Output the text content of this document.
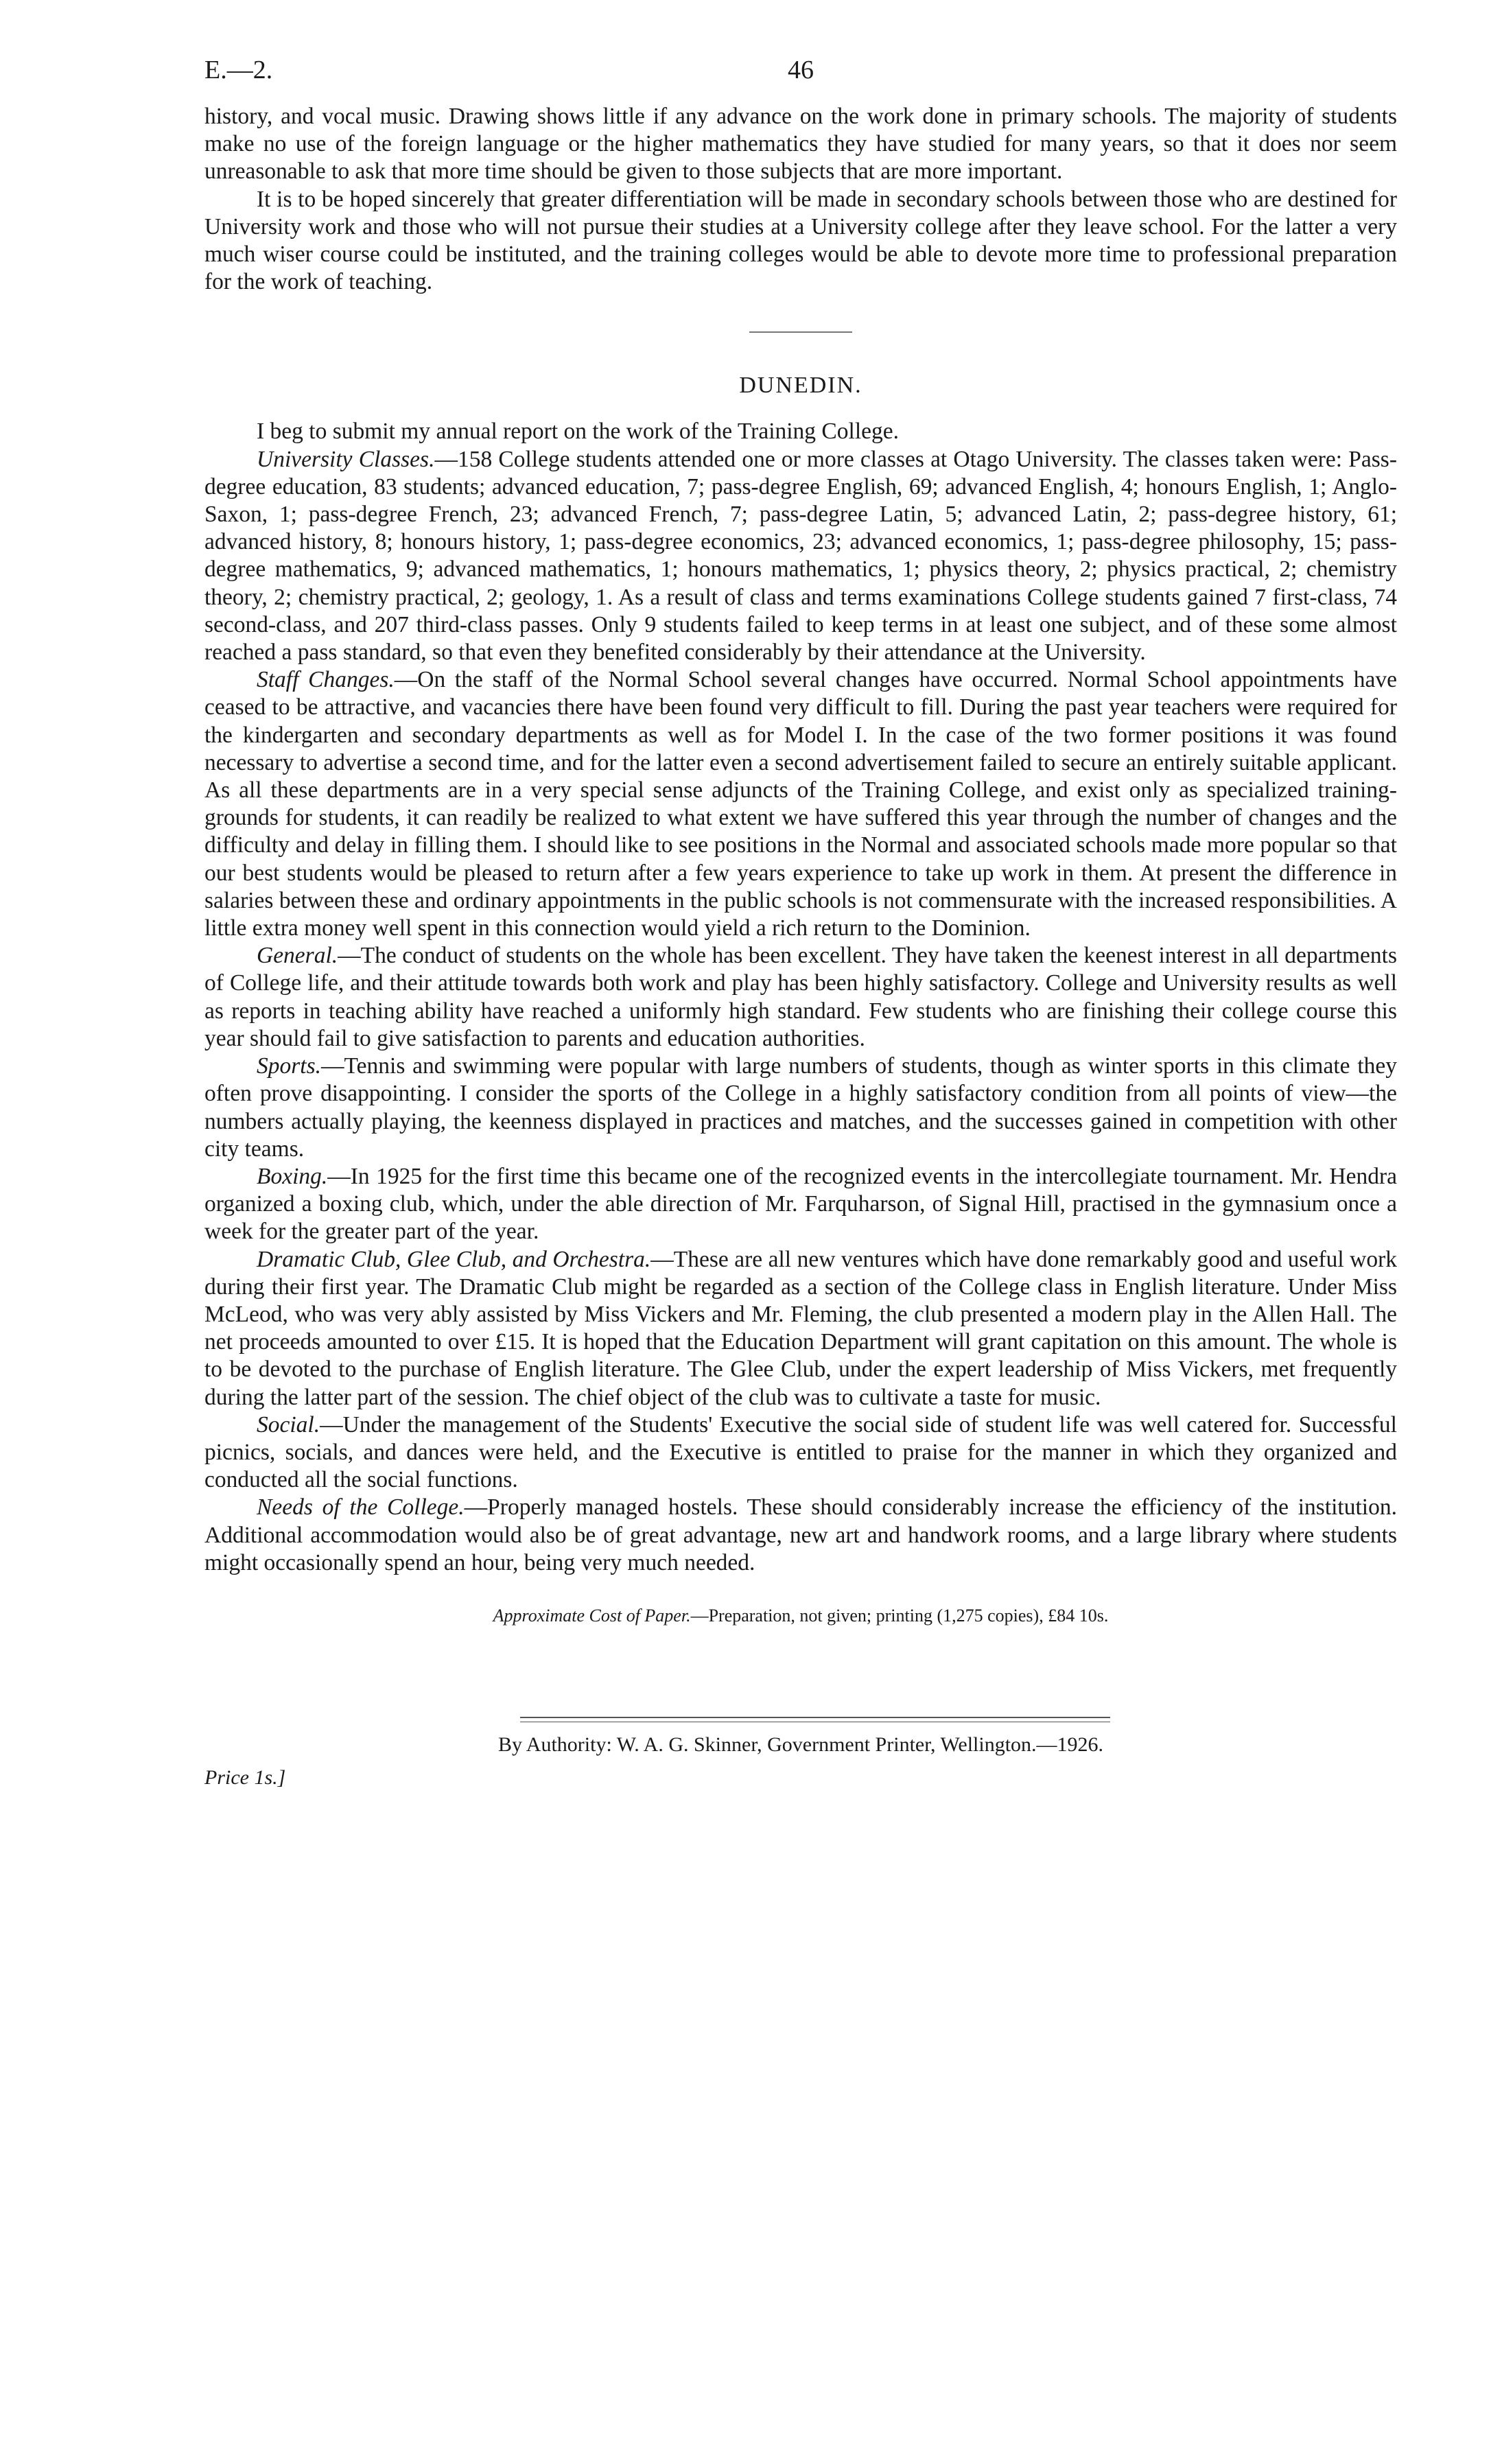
E.—2.	46

history, and vocal music. Drawing shows little if any advance on the work done in primary schools. The majority of students make no use of the foreign language or the higher mathematics they have studied for many years, so that it does nor seem unreasonable to ask that more time should be given to those subjects that are more important.

It is to be hoped sincerely that greater differentiation will be made in secondary schools between those who are destined for University work and those who will not pursue their studies at a University college after they leave school. For the latter a very much wiser course could be instituted, and the training colleges would be able to devote more time to professional preparation for the work of teaching.

DUNEDIN.

I beg to submit my annual report on the work of the Training College.

University Classes.—158 College students attended one or more classes at Otago University. The classes taken were: Pass-degree education, 83 students; advanced education, 7; pass-degree English, 69; advanced English, 4; honours English, 1; Anglo-Saxon, 1; pass-degree French, 23; advanced French, 7; pass-degree Latin, 5; advanced Latin, 2; pass-degree history, 61; advanced history, 8; honours history, 1; pass-degree economics, 23; advanced economics, 1; pass-degree philosophy, 15; pass-degree mathematics, 9; advanced mathematics, 1; honours mathematics, 1; physics theory, 2; physics practical, 2; chemistry theory, 2; chemistry practical, 2; geology, 1. As a result of class and terms examinations College students gained 7 first-class, 74 second-class, and 207 third-class passes. Only 9 students failed to keep terms in at least one subject, and of these some almost reached a pass standard, so that even they benefited considerably by their attendance at the University.

Staff Changes.—On the staff of the Normal School several changes have occurred. Normal School appointments have ceased to be attractive, and vacancies there have been found very difficult to fill. During the past year teachers were required for the kindergarten and secondary departments as well as for Model I. In the case of the two former positions it was found necessary to advertise a second time, and for the latter even a second advertisement failed to secure an entirely suitable applicant. As all these departments are in a very special sense adjuncts of the Training College, and exist only as specialized training-grounds for students, it can readily be realized to what extent we have suffered this year through the number of changes and the difficulty and delay in filling them. I should like to see positions in the Normal and associated schools made more popular so that our best students would be pleased to return after a few years experience to take up work in them. At present the difference in salaries between these and ordinary appointments in the public schools is not commensurate with the increased responsibilities. A little extra money well spent in this connection would yield a rich return to the Dominion.

General.—The conduct of students on the whole has been excellent. They have taken the keenest interest in all departments of College life, and their attitude towards both work and play has been highly satisfactory. College and University results as well as reports in teaching ability have reached a uniformly high standard. Few students who are finishing their college course this year should fail to give satisfaction to parents and education authorities.

Sports.—Tennis and swimming were popular with large numbers of students, though as winter sports in this climate they often prove disappointing. I consider the sports of the College in a highly satisfactory condition from all points of view—the numbers actually playing, the keenness displayed in practices and matches, and the successes gained in competition with other city teams.

Boxing.—In 1925 for the first time this became one of the recognized events in the intercollegiate tournament. Mr. Hendra organized a boxing club, which, under the able direction of Mr. Farquharson, of Signal Hill, practised in the gymnasium once a week for the greater part of the year.

Dramatic Club, Glee Club, and Orchestra.—These are all new ventures which have done remarkably good and useful work during their first year. The Dramatic Club might be regarded as a section of the College class in English literature. Under Miss McLeod, who was very ably assisted by Miss Vickers and Mr. Fleming, the club presented a modern play in the Allen Hall. The net proceeds amounted to over £15. It is hoped that the Education Department will grant capitation on this amount. The whole is to be devoted to the purchase of English literature. The Glee Club, under the expert leadership of Miss Vickers, met frequently during the latter part of the session. The chief object of the club was to cultivate a taste for music.

Social.—Under the management of the Students' Executive the social side of student life was well catered for. Successful picnics, socials, and dances were held, and the Executive is entitled to praise for the manner in which they organized and conducted all the social functions.

Needs of the College.—Properly managed hostels. These should considerably increase the efficiency of the institution. Additional accommodation would also be of great advantage, new art and handwork rooms, and a large library where students might occasionally spend an hour, being very much needed.

Approximate Cost of Paper.—Preparation, not given; printing (1,275 copies), £84 10s.
By Authority: W. A. G. Skinner, Government Printer, Wellington.—1926.
Price 1s.]
